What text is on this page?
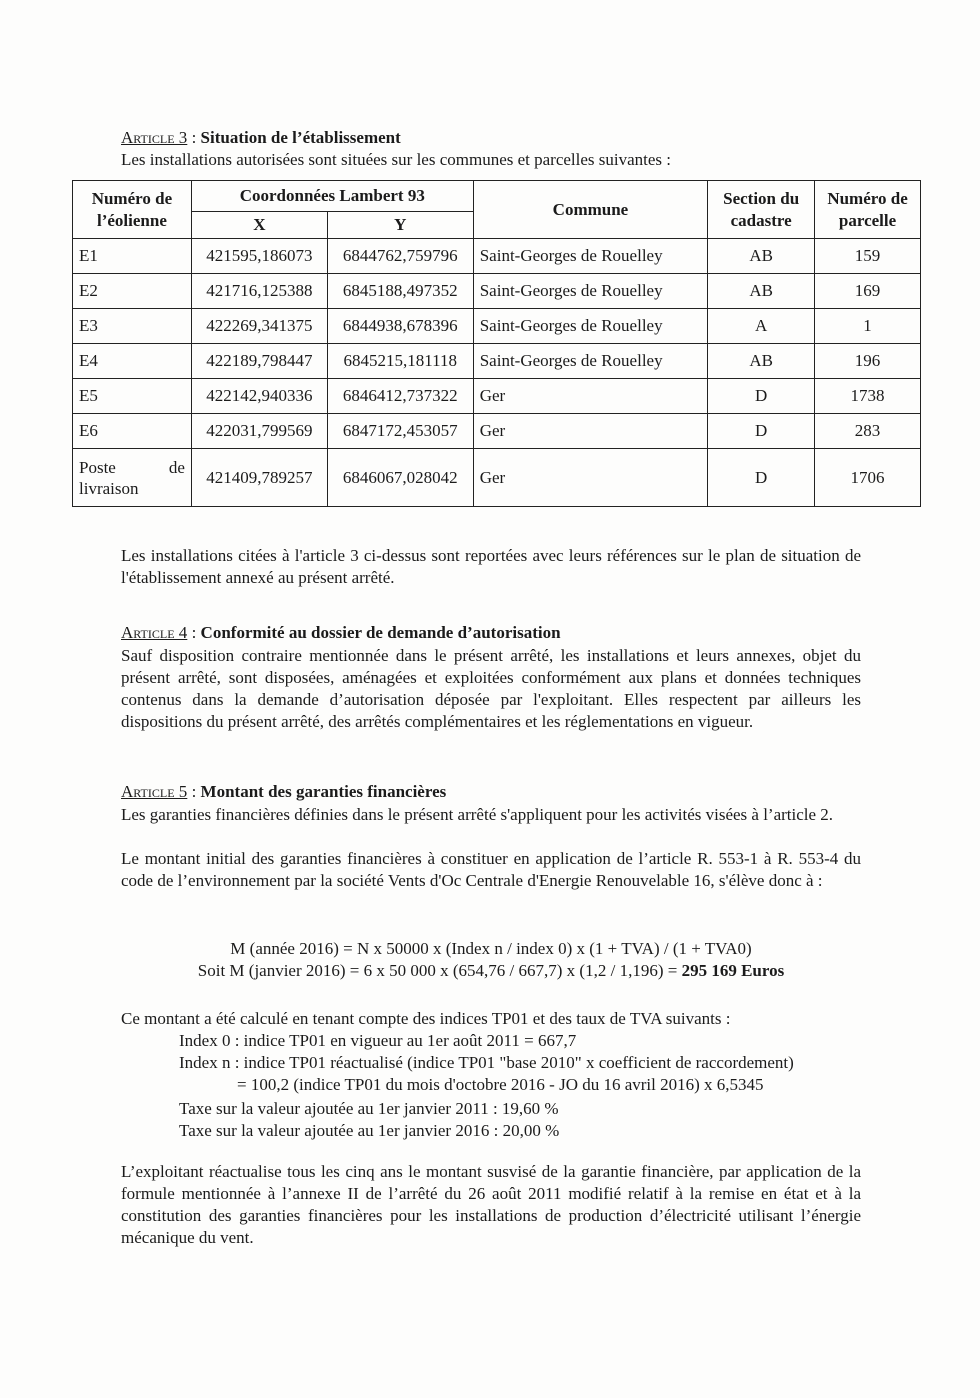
Article 3 : Situation de l’établissement

Les installations autorisées sont situées sur les communes et parcelles suivantes :

Numéro de l’éolienne	Coordonnées Lambert 93		Commune	Section du cadastre	Numéro de parcelle
	X	Y			
E1	421595,186073	6844762,759796	Saint-Georges de Rouelley	AB	159
E2	421716,125388	6845188,497352	Saint-Georges de Rouelley	AB	169
E3	422269,341375	6844938,678396	Saint-Georges de Rouelley	A	1
E4	422189,798447	6845215,181118	Saint-Georges de Rouelley	AB	196
E5	422142,940336	6846412,737322	Ger	D	1738
E6	422031,799569	6847172,453057	Ger	D	283

Poste de
livraison	421409,789257	6846067,028042	Ger	D	1706

Les installations citées à l'article 3 ci-dessus sont reportées avec leurs références sur le plan de situation de l'établissement annexé au présent arrêté.

Article 4 : Conformité au dossier de demande d’autorisation

Sauf disposition contraire mentionnée dans le présent arrêté, les installations et leurs annexes, objet du présent arrêté, sont disposées, aménagées et exploitées conformément aux plans et données techniques contenus dans la demande d’autorisation déposée par l'exploitant. Elles respectent par ailleurs les dispositions du présent arrêté, des arrêtés complémentaires et les réglementations en vigueur.

Article 5 : Montant des garanties financières

Les garanties financières définies dans le présent arrêté s'appliquent pour les activités visées à l’article 2.

Le montant initial des garanties financières à constituer en application de l’article R. 553-1 à R. 553-4 du code de l’environnement par la société Vents d'Oc Centrale d'Energie Renouvelable 16, s'élève donc à :

M (année 2016) = N x 50000 x (Index n / index 0) x (1 + TVA) / (1 + TVA0)
Soit M (janvier 2016) = 6 x 50 000 x (654,76 / 667,7) x (1,2 / 1,196) = 295 169 Euros

Ce montant a été calculé en tenant compte des indices TP01 et des taux de TVA suivants :

Index 0 : indice TP01 en vigueur au 1er août 2011 = 667,7

Index n : indice TP01 réactualisé (indice TP01 "base 2010" x coefficient de raccordement)

= 100,2 (indice TP01 du mois d'octobre 2016 - JO du 16 avril 2016) x 6,5345

Taxe sur la valeur ajoutée au 1er janvier 2011 : 19,60 %

Taxe sur la valeur ajoutée au 1er janvier 2016 : 20,00 %

L’exploitant réactualise tous les cinq ans le montant susvisé de la garantie financière, par application de la formule mentionnée à l’annexe II de l’arrêté du 26 août 2011 modifié relatif à la remise en état et à la constitution des garanties financières pour les installations de production d’électricité utilisant l’énergie mécanique du vent.
